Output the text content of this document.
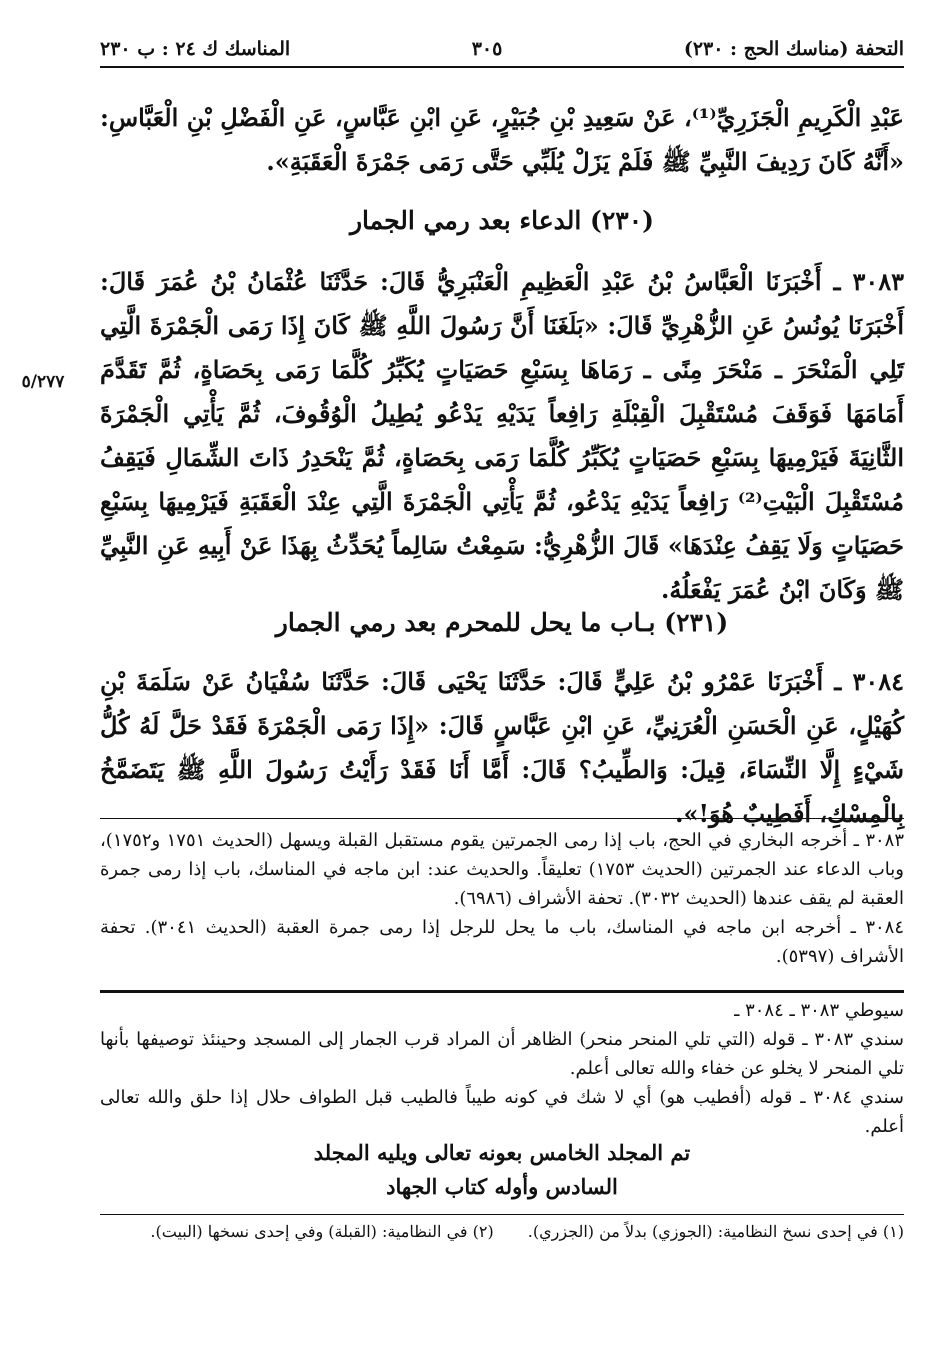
المناسك ك ٢٤ : ب ٢٣٠	٣٠٥	التحفة (مناسك الحج : ٢٣٠)
عَبْدِ الْكَرِيمِ الْجَزَرِيِّ⁽¹⁾، عَنْ سَعِيدِ بْنِ جُبَيْرٍ، عَنِ ابْنِ عَبَّاسٍ، عَنِ الْفَضْلِ بْنِ الْعَبَّاسِ: «أَنَّهُ كَانَ رَدِيفَ النَّبِيِّ ﷺ فَلَمْ يَزَلْ يُلَبِّي حَتَّى رَمَى جَمْرَةَ الْعَقَبَةِ».
(٢٣٠) الدعاء بعد رمي الجمار
٣٠٨٣ ـ أَخْبَرَنَا الْعَبَّاسُ بْنُ عَبْدِ الْعَظِيمِ الْعَنْبَرِيُّ قَالَ: حَدَّثَنَا عُثْمَانُ بْنُ عُمَرَ قَالَ: أَخْبَرَنَا يُونُسُ عَنِ الزُّهْرِيِّ قَالَ: «بَلَغَنَا أَنَّ رَسُولَ اللَّهِ ﷺ كَانَ إِذَا رَمَى الْجَمْرَةَ الَّتِي تَلِي الْمَنْحَرَ ـ مَنْحَرَ مِنًى ـ رَمَاهَا بِسَبْعِ حَصَيَاتٍ يُكَبِّرُ كُلَّمَا رَمَى بِحَصَاةٍ، ثُمَّ تَقَدَّمَ أَمَامَهَا فَوَقَفَ مُسْتَقْبِلَ الْقِبْلَةِ رَافِعاً يَدَيْهِ يَدْعُو يُطِيلُ الْوُقُوفَ، ثُمَّ يَأْتِي الْجَمْرَةَ الثَّانِيَةَ فَيَرْمِيهَا بِسَبْعِ حَصَيَاتٍ يُكَبِّرُ كُلَّمَا رَمَى بِحَصَاةٍ، ثُمَّ يَنْحَدِرُ ذَاتَ الشِّمَالِ فَيَقِفُ مُسْتَقْبِلَ الْبَيْتِ⁽²⁾ رَافِعاً يَدَيْهِ يَدْعُو، ثُمَّ يَأْتِي الْجَمْرَةَ الَّتِي عِنْدَ الْعَقَبَةِ فَيَرْمِيهَا بِسَبْعِ حَصَيَاتٍ وَلَا يَقِفُ عِنْدَهَا» قَالَ الزُّهْرِيُّ: سَمِعْتُ سَالِماً يُحَدِّثُ بِهَذَا عَنْ أَبِيهِ عَنِ النَّبِيِّ ﷺ وَكَانَ ابْنُ عُمَرَ يَفْعَلُهُ.
٥/٢٧٧
(٢٣١) بـاب ما يحل للمحرم بعد رمي الجمار
٣٠٨٤ ـ أَخْبَرَنَا عَمْرُو بْنُ عَلِيٍّ قَالَ: حَدَّثَنَا يَحْيَى قَالَ: حَدَّثَنَا سُفْيَانُ عَنْ سَلَمَةَ بْنِ كُهَيْلٍ، عَنِ الْحَسَنِ الْعُرَنِيِّ، عَنِ ابْنِ عَبَّاسٍ قَالَ: «إِذَا رَمَى الْجَمْرَةَ فَقَدْ حَلَّ لَهُ كُلُّ شَيْءٍ إِلَّا النِّسَاءَ، قِيلَ: وَالطِّيبُ؟ قَالَ: أَمَّا أَنَا فَقَدْ رَأَيْتُ رَسُولَ اللَّهِ ﷺ يَتَضَمَّخُ بِالْمِسْكِ، أَفَطِيبٌ هُوَ!».

٣٠٨٣ ـ أخرجه البخاري في الحج، باب إذا رمى الجمرتين يقوم مستقبل القبلة ويسهل (الحديث ١٧٥١ و١٧٥٢)، وباب الدعاء عند الجمرتين (الحديث ١٧٥٣) تعليقاً. والحديث عند: ابن ماجه في المناسك، باب إذا رمى جمرة العقبة لم يقف عندها (الحديث ٣٠٣٢). تحفة الأشراف (٦٩٨٦).

٣٠٨٤ ـ أخرجه ابن ماجه في المناسك، باب ما يحل للرجل إذا رمى جمرة العقبة (الحديث ٣٠٤١). تحفة الأشراف (٥٣٩٧).

سيوطي ٣٠٨٣ ـ ٣٠٨٤ ـ

سندي ٣٠٨٣ ـ قوله (التي تلي المنحر منحر) الظاهر أن المراد قرب الجمار إلى المسجد وحينئذ توصيفها بأنها تلي المنحر لا يخلو عن خفاء والله تعالى أعلم.

سندي ٣٠٨٤ ـ قوله (أفطيب هو) أي لا شك في كونه طيباً فالطيب قبل الطواف حلال إذا حلق والله تعالى أعلم.

تم المجلد الخامس بعونه تعالى ويليه المجلد
السادس وأوله كتاب الجهاد
(١) في إحدى نسخ النظامية: (الجوزي) بدلاً من (الجزري).
(٢) في النظامية: (القبلة) وفي إحدى نسخها (البيت).
